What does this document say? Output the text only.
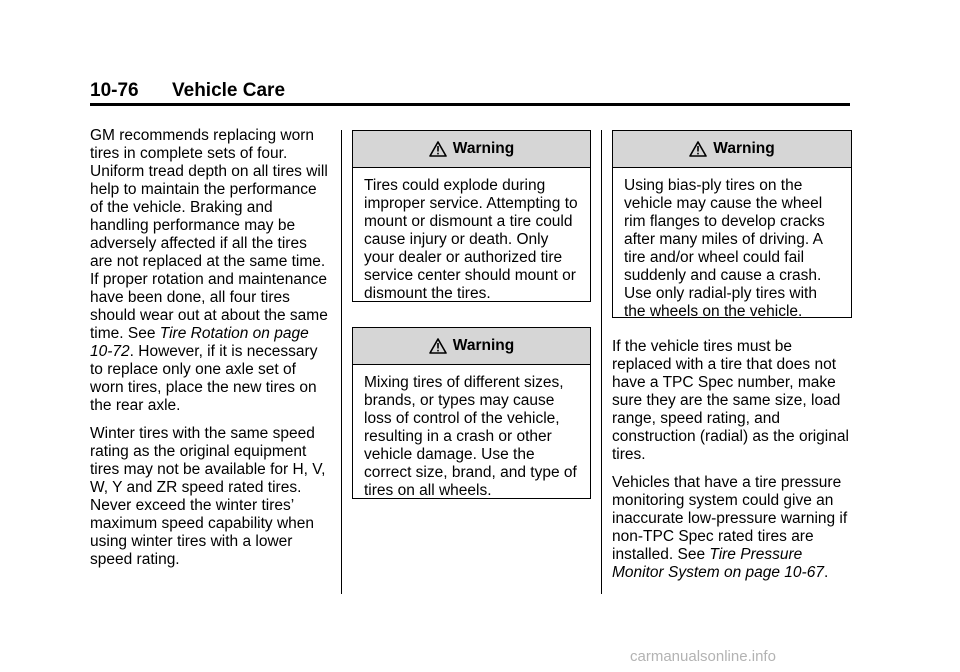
10-76 Vehicle Care

GM recommends replacing worn tires in complete sets of four. Uniform tread depth on all tires will help to maintain the performance of the vehicle. Braking and handling performance may be adversely affected if all the tires are not replaced at the same time.

If proper rotation and maintenance have been done, all four tires should wear out at about the same time. See Tire Rotation on page 10-72. However, if it is necessary to replace only one axle set of worn tires, place the new tires on the rear axle.

Winter tires with the same speed rating as the original equipment tires may not be available for H, V, W, Y and ZR speed rated tires. Never exceed the winter tires’ maximum speed capability when using winter tires with a lower speed rating.

Warning

Tires could explode during improper service. Attempting to mount or dismount a tire could cause injury or death. Only your dealer or authorized tire service center should mount or dismount the tires.

Warning

Mixing tires of different sizes, brands, or types may cause loss of control of the vehicle, resulting in a crash or other vehicle damage. Use the correct size, brand, and type of tires on all wheels.

Warning

Using bias-ply tires on the vehicle may cause the wheel rim flanges to develop cracks after many miles of driving. A tire and/or wheel could fail suddenly and cause a crash. Use only radial-ply tires with the wheels on the vehicle.

If the vehicle tires must be replaced with a tire that does not have a TPC Spec number, make sure they are the same size, load range, speed rating, and construction (radial) as the original tires.

Vehicles that have a tire pressure monitoring system could give an inaccurate low-pressure warning if non-TPC Spec rated tires are installed. See Tire Pressure Monitor System on page 10-67.

carmanualsonline.info
